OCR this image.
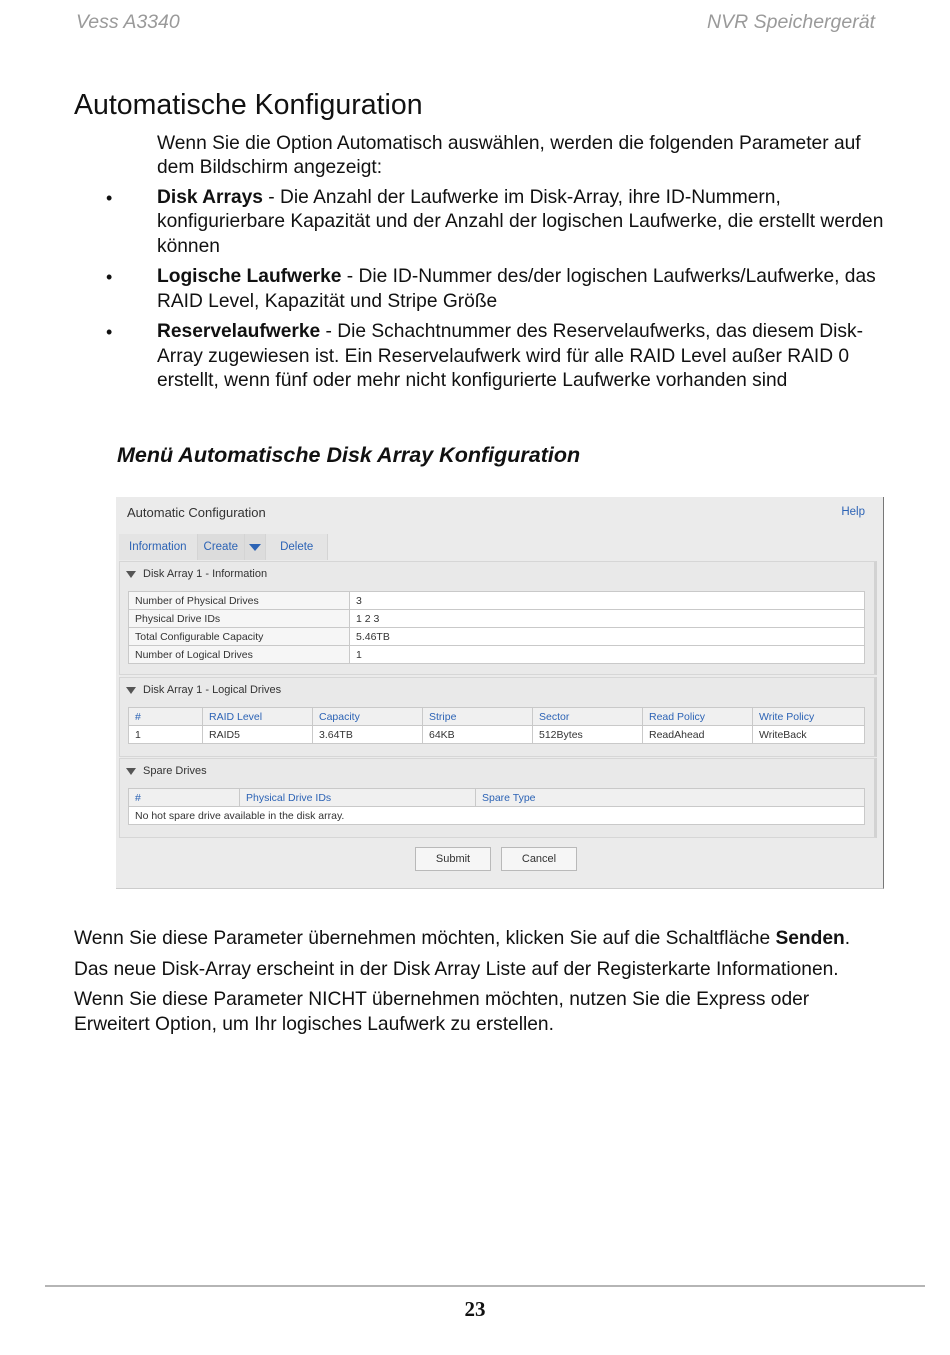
Vess A3340	NVR Speichergerät
Automatische Konfiguration
Wenn Sie die Option Automatisch auswählen, werden die folgenden Parameter auf dem Bildschirm angezeigt:
• Disk Arrays - Die Anzahl der Laufwerke im Disk-Array, ihre ID-Nummern, konfigurierbare Kapazität und der Anzahl der logischen Laufwerke, die erstellt werden können
• Logische Laufwerke - Die ID-Nummer des/der logischen Laufwerks/Laufwerke, das RAID Level, Kapazität und Stripe Größe
• Reservelaufwerke - Die Schachtnummer des Reservelaufwerks, das diesem Disk-Array zugewiesen ist. Ein Reservelaufwerk wird für alle RAID Level außer RAID 0 erstellt, wenn fünf oder mehr nicht konfigurierte Laufwerke vorhanden sind
Menü Automatische Disk Array Konfiguration
Automatic Configuration	Help
Information	Create	Delete
Disk Array 1 - Information
Number of Physical Drives	3
Physical Drive IDs	1 2 3
Total Configurable Capacity	5.46TB
Number of Logical Drives	1
Disk Array 1 - Logical Drives
#	RAID Level	Capacity	Stripe	Sector	Read Policy	Write Policy
1	RAID5	3.64TB	64KB	512Bytes	ReadAhead	WriteBack
Spare Drives
#	Physical Drive IDs	Spare Type
No hot spare drive available in the disk array.
Submit	Cancel

Wenn Sie diese Parameter übernehmen möchten, klicken Sie auf die Schaltfläche Senden.

Das neue Disk-Array erscheint in der Disk Array Liste auf der Registerkarte Informationen.

Wenn Sie diese Parameter NICHT übernehmen möchten, nutzen Sie die Express oder Erweitert Option, um Ihr logisches Laufwerk zu erstellen.

23
